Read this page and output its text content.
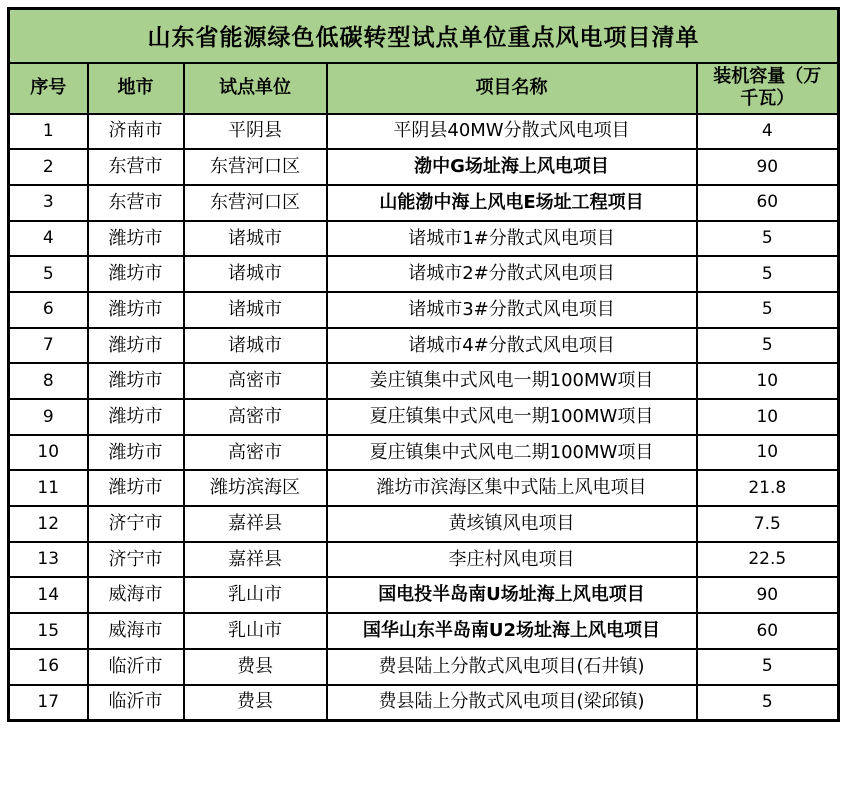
山东省能源绿色低碳转型试点单位重点风电项目清单				
序号	地市	试点单位	项目名称	装机容量（万千瓦）
1	济南市	平阴县	平阴县40MW分散式风电项目	4
2	东营市	东营河口区	渤中G场址海上风电项目	90
3	东营市	东营河口区	山能渤中海上风电E场址工程项目	60
4	潍坊市	诸城市	诸城市1#分散式风电项目	5
5	潍坊市	诸城市	诸城市2#分散式风电项目	5
6	潍坊市	诸城市	诸城市3#分散式风电项目	5
7	潍坊市	诸城市	诸城市4#分散式风电项目	5
8	潍坊市	高密市	姜庄镇集中式风电一期100MW项目	10
9	潍坊市	高密市	夏庄镇集中式风电一期100MW项目	10
10	潍坊市	高密市	夏庄镇集中式风电二期100MW项目	10
11	潍坊市	潍坊滨海区	潍坊市滨海区集中式陆上风电项目	21.8
12	济宁市	嘉祥县	黄垓镇风电项目	7.5
13	济宁市	嘉祥县	李庄村风电项目	22.5
14	威海市	乳山市	国电投半岛南U场址海上风电项目	90
15	威海市	乳山市	国华山东半岛南U2场址海上风电项目	60
16	临沂市	费县	费县陆上分散式风电项目(石井镇)	5
17	临沂市	费县	费县陆上分散式风电项目(梁邱镇)	5
